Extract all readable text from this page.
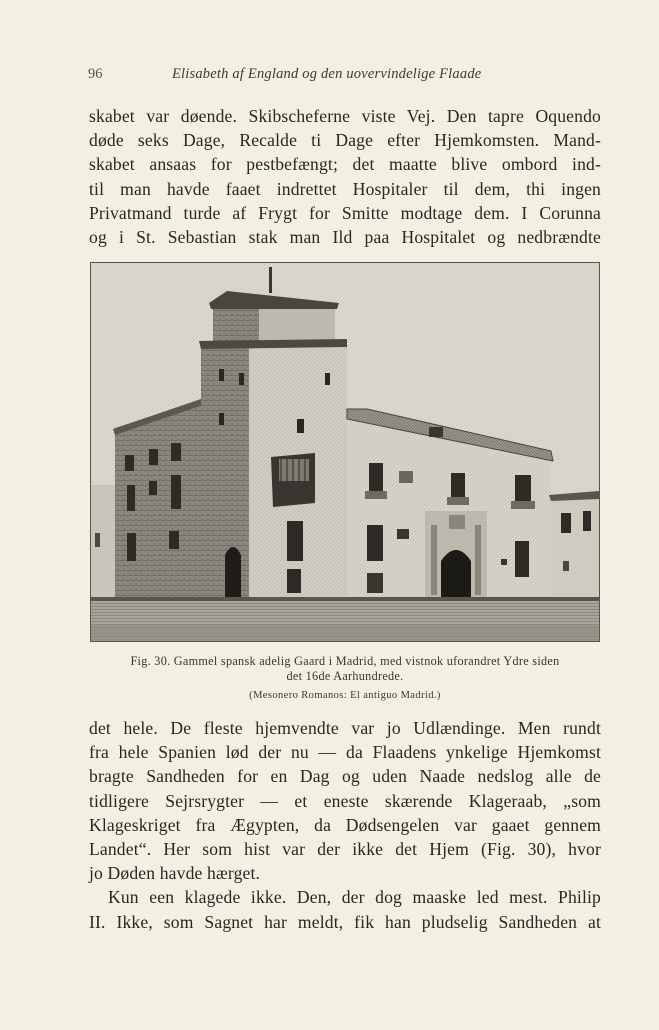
96	Elisabeth af England og den uovervindelige Flaade
skabet var døende. Skibscheferne viste Vej. Den tapre Oquendo
døde seks Dage, Recalde ti Dage efter Hjemkomsten. Mand-
skabet ansaas for pestbefængt; det maatte blive ombord ind-
til man havde faaet indrettet Hospitaler til dem, thi ingen
Privatmand turde af Frygt for Smitte modtage dem. I Corunna
og i St. Sebastian stak man Ild paa Hospitalet og nedbrændte
Fig. 30. Gammel spansk adelig Gaard i Madrid, med vistnok uforandret Ydre siden
det 16de Aarhundrede.
(Mesonero Romanos: El antiguo Madrid.)
det hele. De fleste hjemvendte var jo Udlændinge. Men rundt
fra hele Spanien lød der nu — da Flaadens ynkelige Hjemkomst
bragte Sandheden for en Dag og uden Naade nedslog alle de
tidligere Sejrsrygter — et eneste skærende Klageraab, „som
Klageskriget fra Ægypten, da Dødsengelen var gaaet gennem
Landet“. Her som hist var der ikke det Hjem (Fig. 30), hvor
jo Døden havde hærget.
Kun een klagede ikke. Den, der dog maaske led mest. Philip
II. Ikke, som Sagnet har meldt, fik han pludselig Sandheden at
